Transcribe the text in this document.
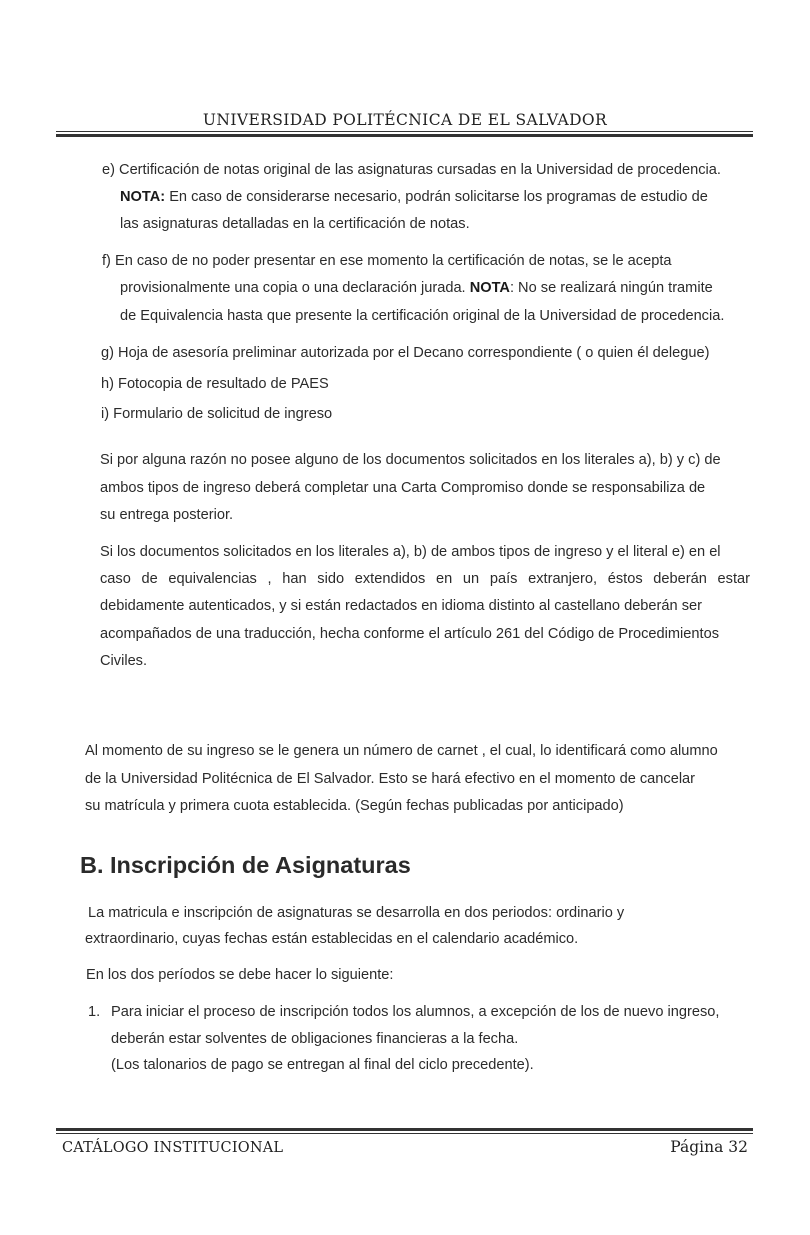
UNIVERSIDAD POLITÉCNICA DE EL SALVADOR
e) Certificación de notas original de las asignaturas cursadas en la Universidad de procedencia.
NOTA: En caso de considerarse necesario, podrán solicitarse los programas de estudio de
las asignaturas detalladas en la certificación de notas.
f) En caso de no poder presentar en ese momento la certificación de notas, se le acepta
provisionalmente una copia o una declaración jurada. NOTA: No se realizará ningún tramite
de Equivalencia hasta que presente la certificación original de la Universidad de procedencia.
g) Hoja de asesoría preliminar autorizada por el Decano correspondiente ( o quien él delegue)
h) Fotocopia de resultado de PAES
i) Formulario de solicitud de ingreso
Si por alguna razón no posee alguno de los documentos solicitados en los literales a), b) y c) de
ambos tipos de ingreso deberá completar una Carta Compromiso donde se responsabiliza de
su entrega posterior.
Si los documentos solicitados en los literales a), b) de ambos tipos de ingreso y el literal e) en el
caso de equivalencias , han sido extendidos en un país extranjero, éstos deberán estar
debidamente autenticados, y si están redactados en idioma distinto al castellano deberán ser
acompañados de una traducción, hecha conforme el artículo 261 del Código de Procedimientos
Civiles.
Al momento de su ingreso se le genera un número de carnet , el cual, lo identificará como alumno
de la Universidad Politécnica de El Salvador. Esto se hará efectivo en el momento de cancelar
su matrícula y primera cuota establecida. (Según fechas publicadas por anticipado)
B. Inscripción de Asignaturas
La matricula e inscripción de asignaturas se desarrolla en dos periodos: ordinario y
extraordinario, cuyas fechas están establecidas en el calendario académico.
En los dos períodos se debe hacer lo siguiente:
1. Para iniciar el proceso de inscripción todos los alumnos, a excepción de los de nuevo ingreso,
deberán estar solventes de obligaciones financieras a la fecha.
(Los talonarios de pago se entregan al final del ciclo precedente).
CATÁLOGO INSTITUCIONAL	Página 32
